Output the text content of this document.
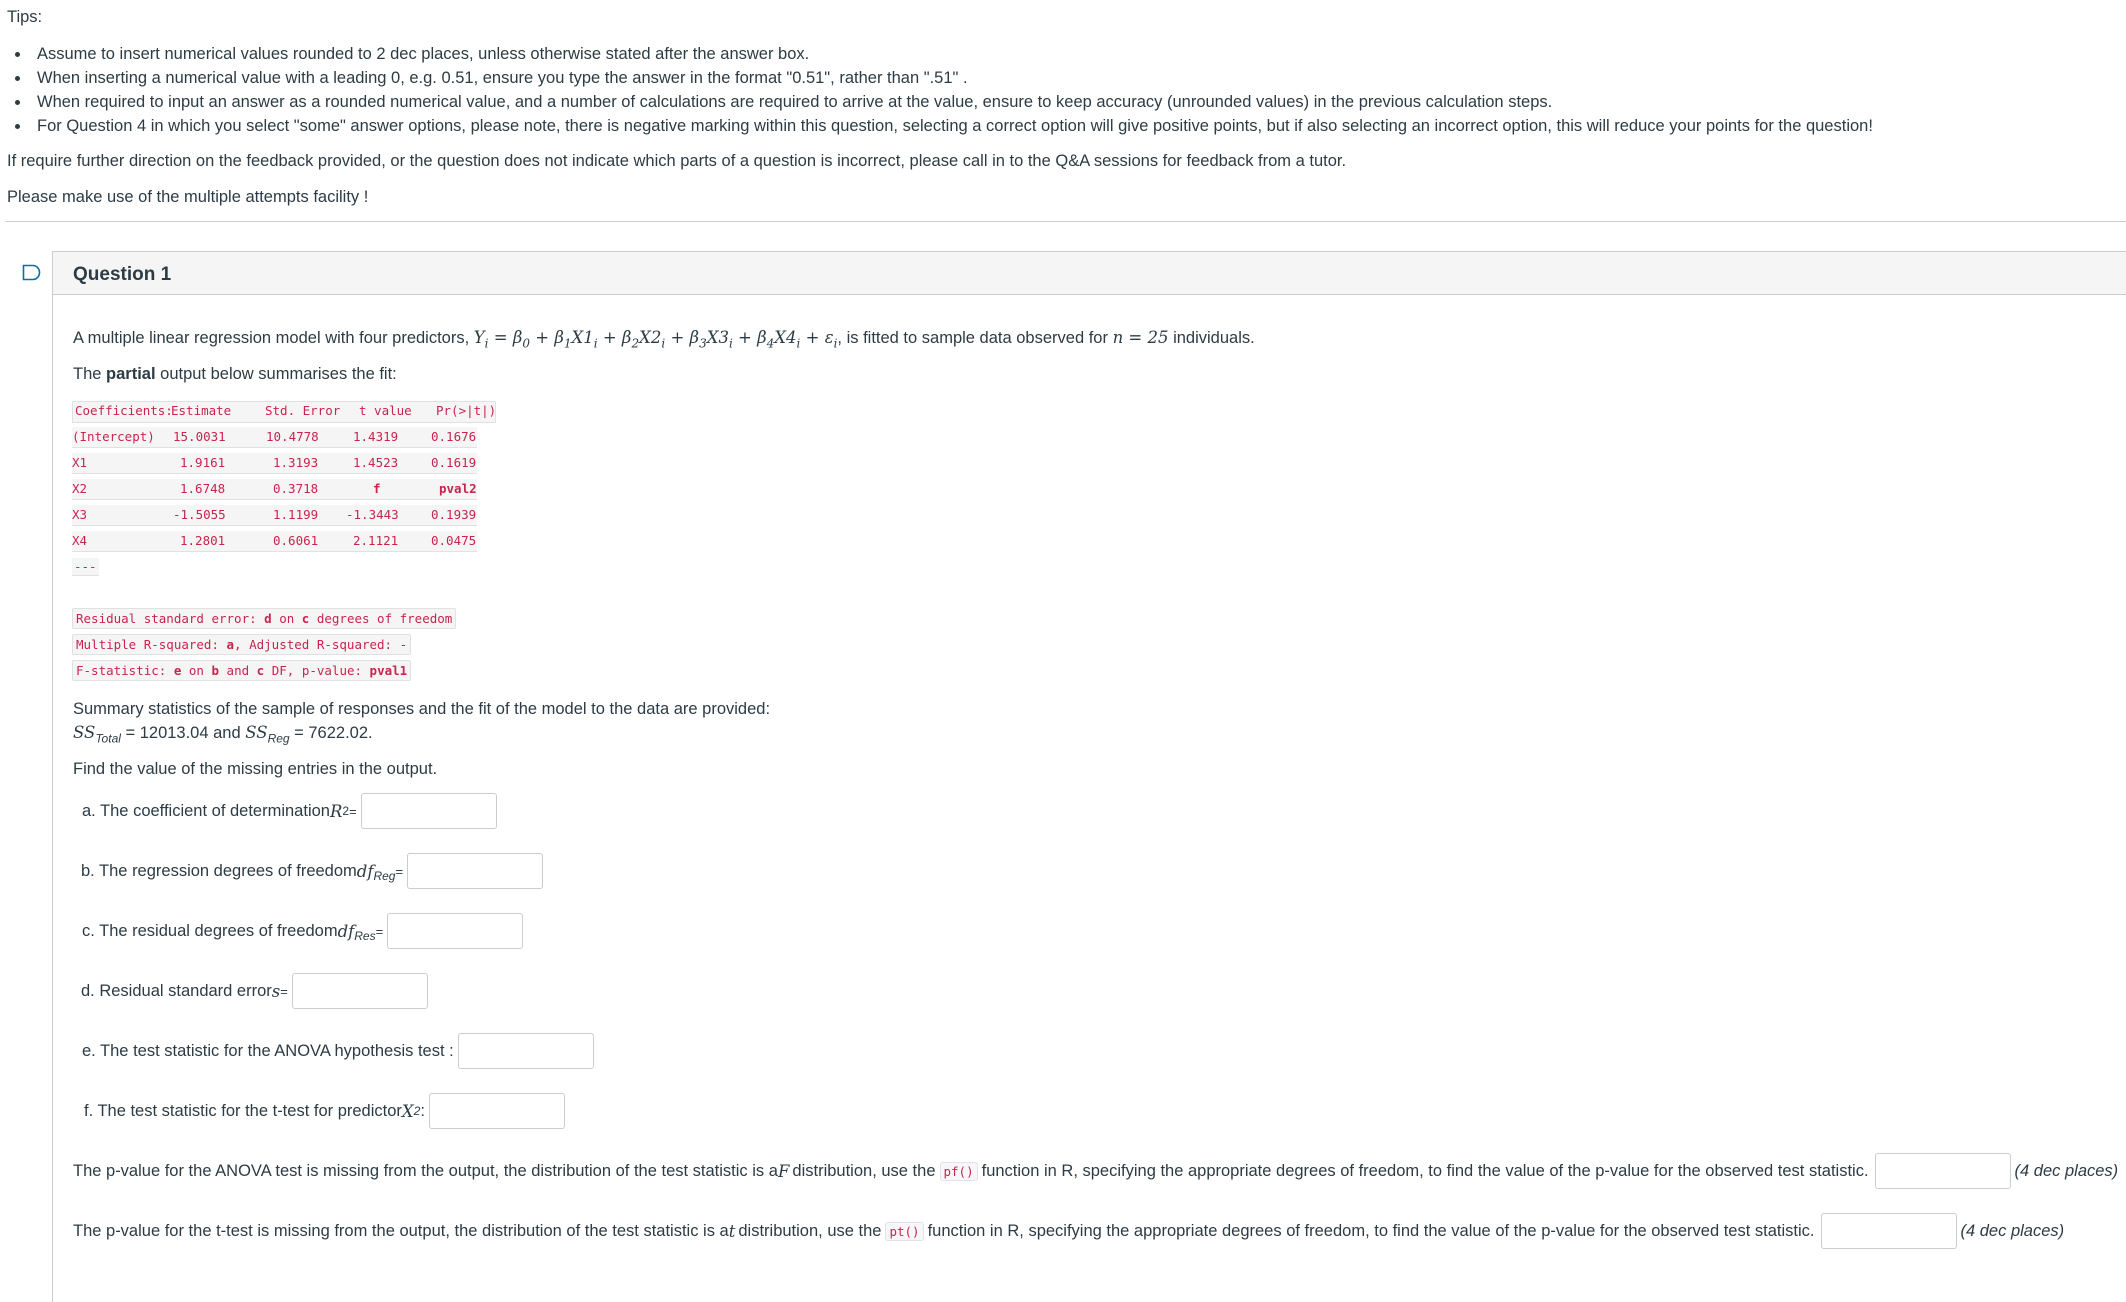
Tips:

• Assume to insert numerical values rounded to 2 dec places, unless otherwise stated after the answer box.
• When inserting a numerical value with a leading 0, e.g. 0.51, ensure you type the answer in the format "0.51", rather than ".51" .
• When required to input an answer as a rounded numerical value, and a number of calculations are required to arrive at the value, ensure to keep accuracy (unrounded values) in the previous calculation steps.
• For Question 4 in which you select "some" answer options, please note, there is negative marking within this question, selecting a correct option will give positive points, but if also selecting an incorrect option, this will reduce your points for the question!

If require further direction on the feedback provided, or the question does not indicate which parts of a question is incorrect, please call in to the Q&A sessions for feedback from a tutor.

Please make use of the multiple attempts facility !

Question 1

A multiple linear regression model with four predictors, $Y_i = \beta_0 + \beta_1X1_i + \beta_2X2_i + \beta_3X3_i + \beta_4X4_i + \varepsilon_i$, is fitted to sample data observed for n = 25 individuals.

The partial output below summarises the fit:

Coefficients:
Estimate	Std. Error t value Pr(>|t|)
(Intercept) 15.0031	10.4778	1.4319	0.1676
X1	1.9161	1.3193	1.4523	0.1619
X2	1.6748	0.3718	f	pval2
X3	-1.5055	1.1199 -1.3443	0.1939
X4	1.2801	0.6061	2.1121	0.0475
---
Residual standard error: d on c degrees of freedom
Multiple R-squared: a, Adjusted R-squared: -
F-statistic: e on b and c DF, p-value: pval1

Summary statistics of the sample of responses and the fit of the model to the data are provided:

$SS_{Total} = 12013.04$ and $SS_{Reg} = 7622.02$.

Find the value of the missing entries in the output.

a. The coefficient of determination R 2 =
b. The regression degrees of freedom $df_{Reg}$ =
c. The residual degrees of freedom $df_{Res}$ =
d. Residual standard error s =
e. The test statistic for the ANOVA hypothesis test :
f. The test statistic for the t-test for predictor X 2 :
The p-value for the ANOVA test is missing from the output, the distribution of the test statistic is a F distribution, use the pf() function in R, specifying the appropriate degrees of freedom, to find the value of the p-value for the observed test statistic.	(4 dec places)
The p-value for the t-test is missing from the output, the distribution of the test statistic is a t distribution, use the pt() function in R, specifying the appropriate degrees of freedom, to find the value of the p-value for the observed test statistic.	(4 dec places)
